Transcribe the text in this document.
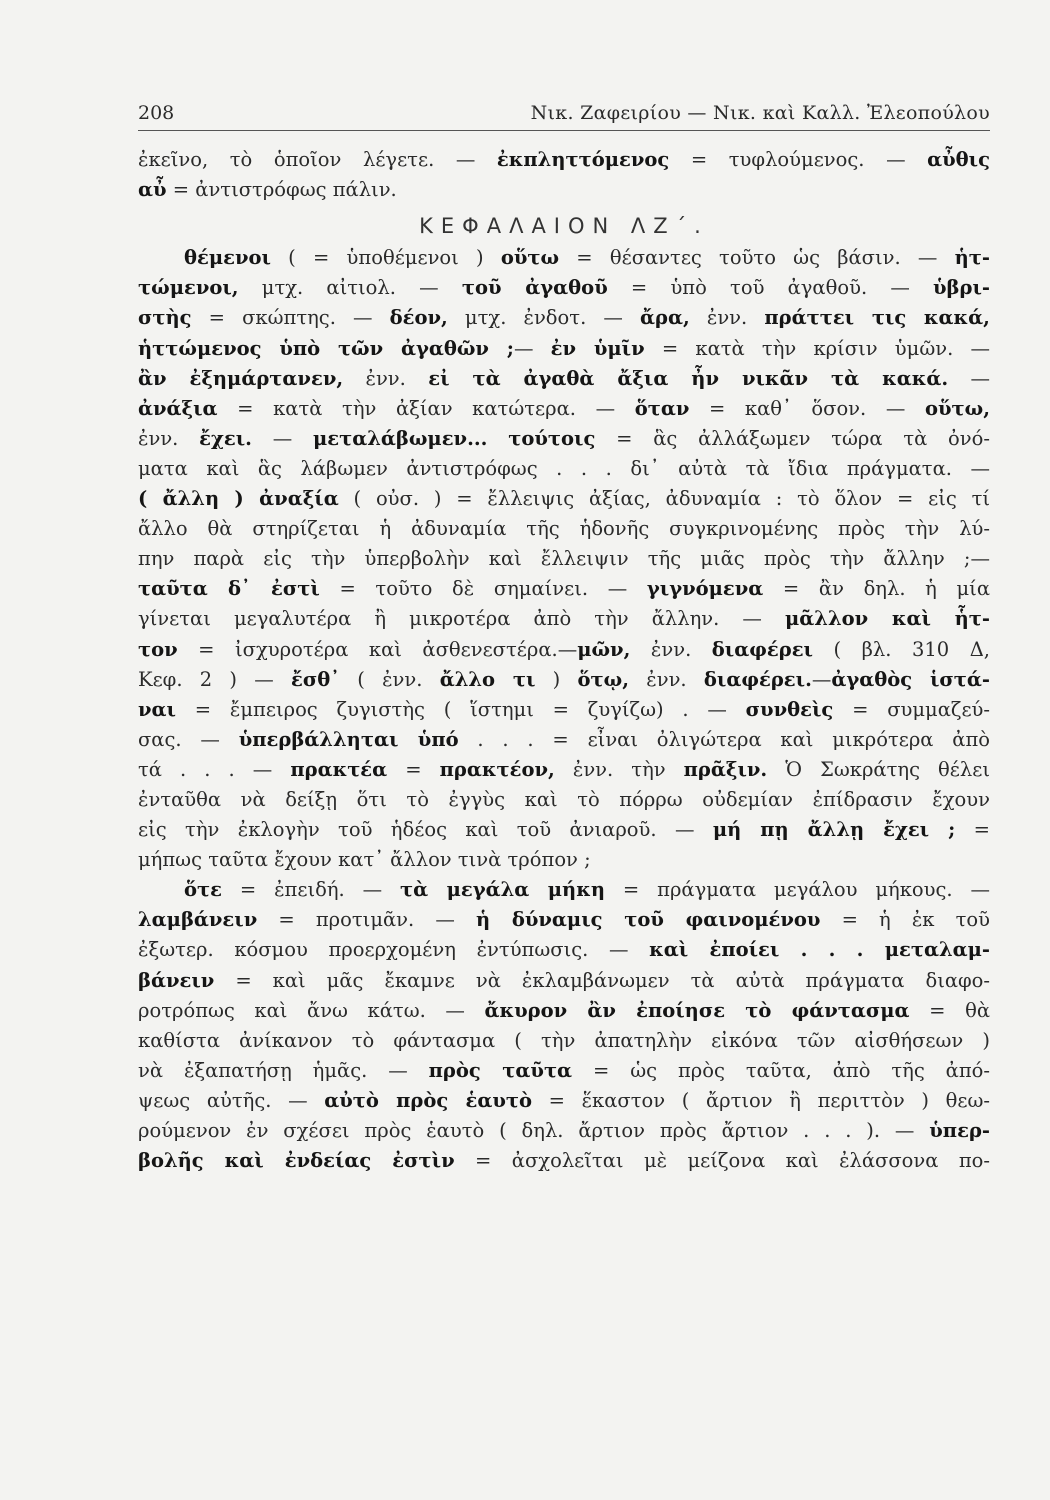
208	Νικ. Ζαφειρίου — Νικ. καὶ Καλλ. Ἐλεοπούλου
ἐκεῖνο, τὸ ὁποῖον λέγετε. — ἐκπληττόμενος = τυφλούμενος. — αὖθις
αὖ = ἀντιστρόφως πάλιν.
ΚΕΦΑΛΑΙΟΝ ΛΖ΄.
θέμενοι ( = ὑποθέμενοι ) οὕτω = θέσαντες τοῦτο ὡς βάσιν. — ἡτ-
τώμενοι, μτχ. αἰτιολ. — τοῦ ἀγαθοῦ = ὑπὸ τοῦ ἀγαθοῦ. — ὑβρι-
στὴς = σκώπτης. — δέον, μτχ. ἐνδοτ. — ἄρα, ἐνν. πράττει τις κακά,
ἡττώμενος ὑπὸ τῶν ἀγαθῶν ;— ἐν ὑμῖν = κατὰ τὴν κρίσιν ὑμῶν. —
ἂν ἐξημάρτανεν, ἐνν. εἰ τὰ ἀγαθὰ ἄξια ἦν νικᾶν τὰ κακά. —
ἀνάξια = κατὰ τὴν ἀξίαν κατώτερα. — ὅταν = καθ᾽ ὅσον. — οὕτω,
ἐνν. ἔχει. — μεταλάβωμεν... τούτοις = ἃς ἀλλάξωμεν τώρα τὰ ὀνό-
ματα καὶ ἃς λάβωμεν ἀντιστρόφως . . . δι᾽ αὐτὰ τὰ ἴδια πράγματα. —
( ἄλλη ) ἀναξία ( οὐσ. ) = ἔλλειψις ἀξίας, ἀδυναμία : τὸ ὅλον = εἰς τί
ἄλλο θὰ στηρίζεται ἡ ἀδυναμία τῆς ἡδονῆς συγκρινομένης πρὸς τὴν λύ-
πην παρὰ εἰς τὴν ὑπερβολὴν καὶ ἔλλειψιν τῆς μιᾶς πρὸς τὴν ἄλλην ;—
ταῦτα δ᾽ ἐστὶ = τοῦτο δὲ σημαίνει. — γιγνόμενα = ἂν δηλ. ἡ μία
γίνεται μεγαλυτέρα ἢ μικροτέρα ἀπὸ τὴν ἄλλην. — μᾶλλον καὶ ἧτ-
τον = ἰσχυροτέρα καὶ ἀσθενεστέρα.—μῶν, ἐνν. διαφέρει ( βλ. 310 Δ,
Κεφ. 2 ) — ἔσθ᾽ ( ἐνν. ἄλλο τι ) ὅτῳ, ἐνν. διαφέρει.—ἀγαθὸς ἱστά-
ναι = ἔμπειρος ζυγιστὴς ( ἵστημι = ζυγίζω) . — συνθεὶς = συμμαζεύ-
σας. — ὑπερβάλληται ὑπό . . . = εἶναι ὀλιγώτερα καὶ μικρότερα ἀπὸ
τά . . . — πρακτέα = πρακτέον, ἐνν. τὴν πρᾶξιν. Ὁ Σωκράτης θέλει
ἐνταῦθα νὰ δείξῃ ὅτι τὸ ἐγγὺς καὶ τὸ πόρρω οὐδεμίαν ἐπίδρασιν ἔχουν
εἰς τὴν ἐκλογὴν τοῦ ἡδέος καὶ τοῦ ἀνιαροῦ. — μή πῃ ἄλλῃ ἔχει ; =
μήπως ταῦτα ἔχουν κατ᾽ ἄλλον τινὰ τρόπον ;
ὅτε = ἐπειδή. — τὰ μεγάλα μήκη = πράγματα μεγάλου μήκους. —
λαμβάνειν = προτιμᾶν. — ἡ δύναμις τοῦ φαινομένου = ἡ ἐκ τοῦ
ἐξωτερ. κόσμου προερχομένη ἐντύπωσις. — καὶ ἐποίει . . . μεταλαμ-
βάνειν = καὶ μᾶς ἔκαμνε νὰ ἐκλαμβάνωμεν τὰ αὐτὰ πράγματα διαφο-
ροτρόπως καὶ ἄνω κάτω. — ἄκυρον ἂν ἐποίησε τὸ φάντασμα = θὰ
καθίστα ἀνίκανον τὸ φάντασμα ( τὴν ἀπατηλὴν εἰκόνα τῶν αἰσθήσεων )
νὰ ἐξαπατήσῃ ἡμᾶς. — πρὸς ταῦτα = ὡς πρὸς ταῦτα, ἀπὸ τῆς ἀπό-
ψεως αὐτῆς. — αὐτὸ πρὸς ἑαυτὸ = ἕκαστον ( ἄρτιον ἢ περιττὸν ) θεω-
ρούμενον ἐν σχέσει πρὸς ἑαυτὸ ( δηλ. ἄρτιον πρὸς ἄρτιον . . . ). — ὑπερ-
βολῆς καὶ ἐνδείας ἐστὶν = ἀσχολεῖται μὲ μείζονα καὶ ἐλάσσονα πο-
